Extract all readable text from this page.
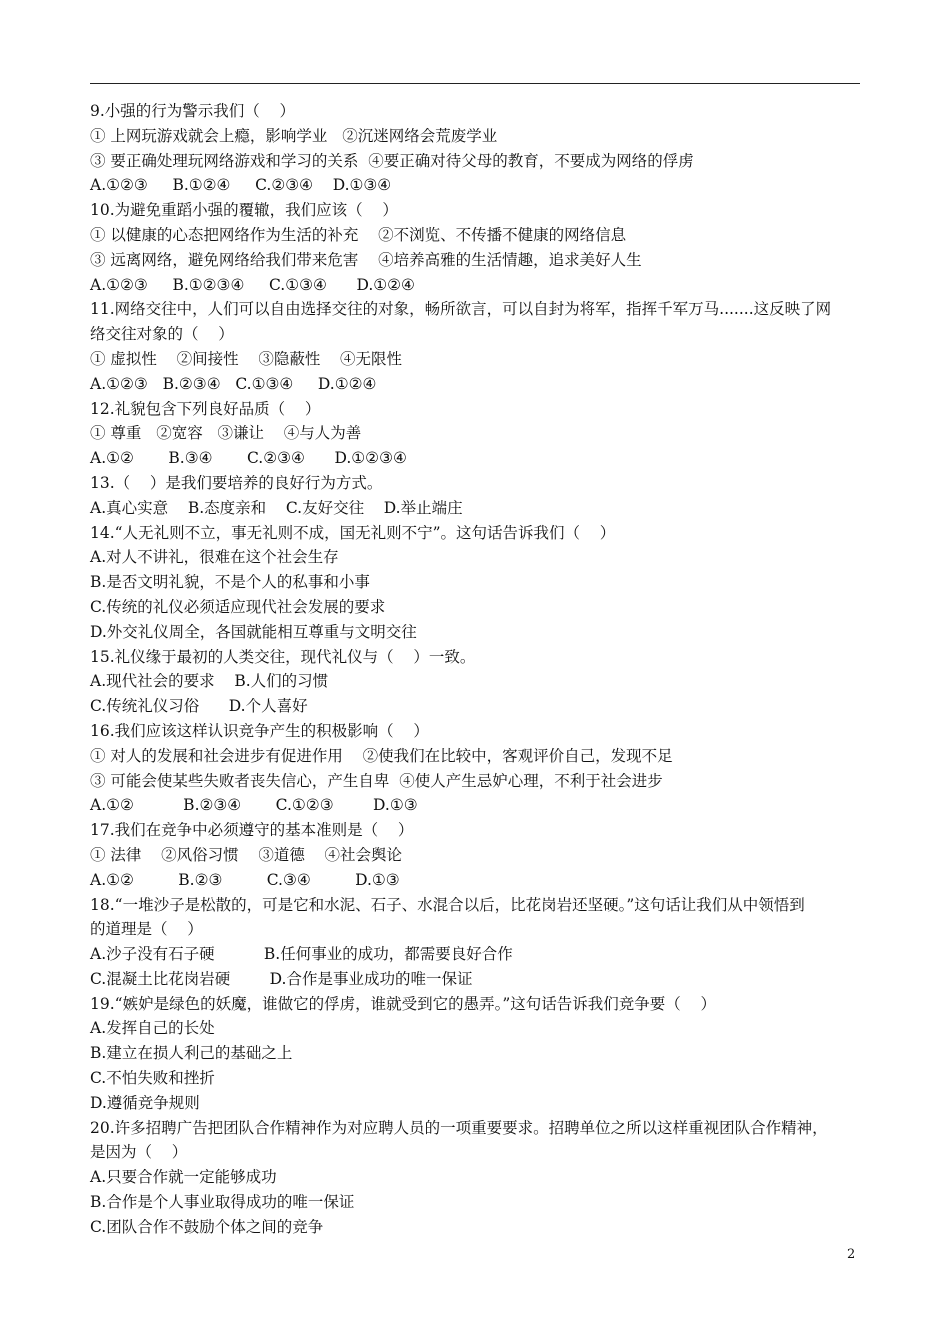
9.小强的行为警示我们（    ）
① 上网玩游戏就会上瘾，影响学业   ②沉迷网络会荒废学业
③ 要正确处理玩网络游戏和学习的关系  ④要正确对待父母的教育，不要成为网络的俘虏
A.①②③     B.①②④     C.②③④    D.①③④
10.为避免重蹈小强的覆辙，我们应该（    ）
① 以健康的心态把网络作为生活的补充    ②不浏览、不传播不健康的网络信息
③ 远离网络，避免网络给我们带来危害    ④培养高雅的生活情趣，追求美好人生
A.①②③     B.①②③④     C.①③④      D.①②④
11.网络交往中，人们可以自由选择交往的对象，畅所欲言，可以自封为将军，指挥千军万马.......这反映了网
络交往对象的（    ）
① 虚拟性    ②间接性    ③隐蔽性    ④无限性
A.①②③   B.②③④   C.①③④     D.①②④
12.礼貌包含下列良好品质（    ）
① 尊重   ②宽容   ③谦让    ④与人为善
A.①②       B.③④       C.②③④      D.①②③④
13.（    ）是我们要培养的良好行为方式。
A.真心实意    B.态度亲和    C.友好交往    D.举止端庄
14.“人无礼则不立，事无礼则不成，国无礼则不宁”。这句话告诉我们（    ）
A.对人不讲礼，很难在这个社会生存
B.是否文明礼貌，不是个人的私事和小事
C.传统的礼仪必须适应现代社会发展的要求
D.外交礼仪周全，各国就能相互尊重与文明交往
15.礼仪缘于最初的人类交往，现代礼仪与（    ）一致。
A.现代社会的要求    B.人们的习惯
C.传统礼仪习俗      D.个人喜好
16.我们应该这样认识竞争产生的积极影响（    ）
① 对人的发展和社会进步有促进作用    ②使我们在比较中，客观评价自己，发现不足
③ 可能会使某些失败者丧失信心，产生自卑  ④使人产生忌妒心理，不利于社会进步
A.①②          B.②③④       C.①②③        D.①③
17.我们在竞争中必须遵守的基本准则是（    ）
① 法律    ②风俗习惯    ③道德    ④社会舆论
A.①②         B.②③         C.③④         D.①③
18.“一堆沙子是松散的，可是它和水泥、石子、水混合以后，比花岗岩还坚硬。”这句话让我们从中领悟到
的道理是（    ）
A.沙子没有石子硬          B.任何事业的成功，都需要良好合作
C.混凝土比花岗岩硬        D.合作是事业成功的唯一保证
19.“嫉妒是绿色的妖魔，谁做它的俘虏，谁就受到它的愚弄。”这句话告诉我们竞争要（    ）
A.发挥自己的长处
B.建立在损人利己的基础之上
C.不怕失败和挫折
D.遵循竞争规则
20.许多招聘广告把团队合作精神作为对应聘人员的一项重要要求。招聘单位之所以这样重视团队合作精神，
是因为（    ）
A.只要合作就一定能够成功
B.合作是个人事业取得成功的唯一保证
C.团队合作不鼓励个体之间的竞争
2
